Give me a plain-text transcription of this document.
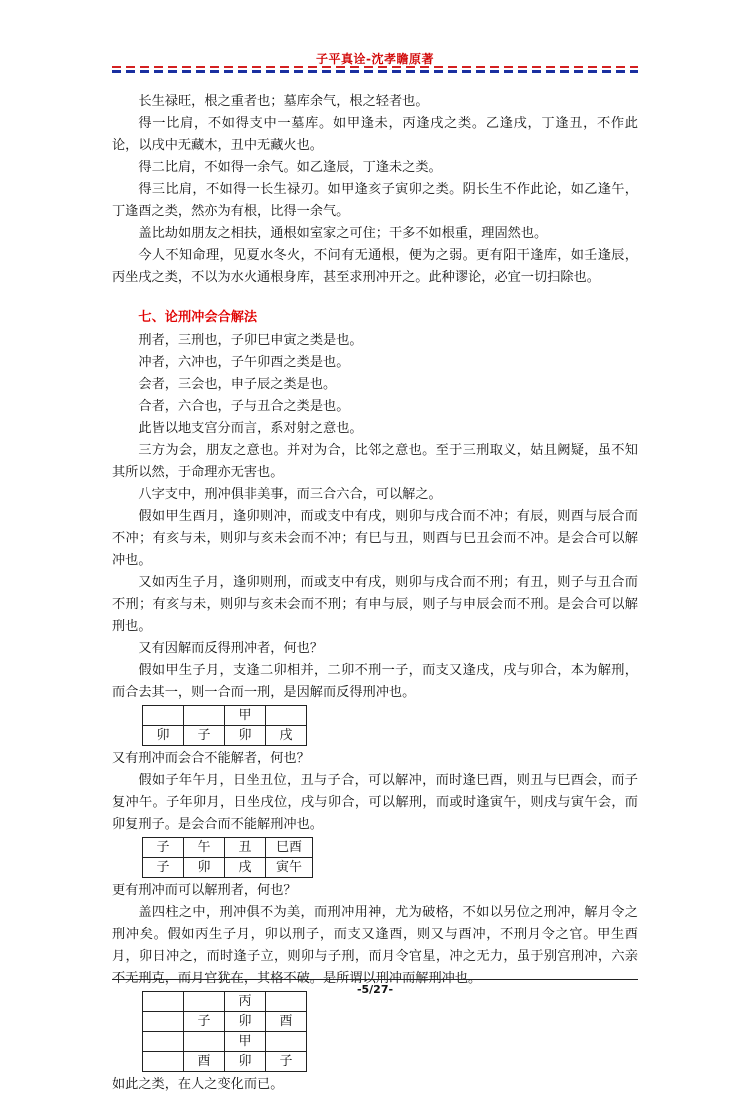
子平真诠-沈孝瞻原著

长生禄旺，根之重者也；墓库余气，根之轻者也。

得一比肩，不如得支中一墓库。如甲逢未，丙逢戌之类。乙逢戌，丁逢丑，不作此论，以戌中无藏木，丑中无藏火也。

得二比肩，不如得一余气。如乙逢辰，丁逢未之类。

得三比肩，不如得一长生禄刃。如甲逢亥子寅卯之类。阴长生不作此论，如乙逢午，丁逢酉之类，然亦为有根，比得一余气。

盖比劫如朋友之相扶，通根如室家之可住；干多不如根重，理固然也。

今人不知命理，见夏水冬火，不问有无通根，便为之弱。更有阳干逢库，如壬逢辰，丙坐戌之类，不以为水火通根身库，甚至求刑冲开之。此种谬论，必宜一切扫除也。

七、论刑冲会合解法

刑者，三刑也，子卯巳申寅之类是也。

冲者，六冲也，子午卯酉之类是也。

会者，三会也，申子辰之类是也。

合者，六合也，子与丑合之类是也。

此皆以地支宫分而言，系对射之意也。

三方为会，朋友之意也。并对为合，比邻之意也。至于三刑取义，姑且阙疑，虽不知其所以然，于命理亦无害也。

八字支中，刑冲俱非美事，而三合六合，可以解之。

假如甲生酉月，逢卯则冲，而或支中有戌，则卯与戌合而不冲；有辰，则酉与辰合而不冲；有亥与未，则卯与亥未会而不冲；有巳与丑，则酉与巳丑会而不冲。是会合可以解冲也。

又如丙生子月，逢卯则刑，而或支中有戌，则卯与戌合而不刑；有丑，则子与丑合而不刑；有亥与未，则卯与亥未会而不刑；有申与辰，则子与申辰会而不刑。是会合可以解刑也。

又有因解而反得刑冲者，何也？

假如甲生子月，支逢二卯相并，二卯不刑一子，而支又逢戌，戌与卯合，本为解刑，而合去其一，则一合而一刑，是因解而反得刑冲也。

		甲	
卯	子	卯	戌

又有刑冲而会合不能解者，何也？

假如子年午月，日坐丑位，丑与子合，可以解冲，而时逢巳酉，则丑与巳酉会，而子复冲午。子年卯月，日坐戌位，戌与卯合，可以解刑，而或时逢寅午，则戌与寅午会，而卯复刑子。是会合而不能解刑冲也。

子	午	丑	巳酉
子	卯	戌	寅午

更有刑冲而可以解刑者，何也？

盖四柱之中，刑冲俱不为美，而刑冲用神，尤为破格，不如以另位之刑冲，解月令之刑冲矣。假如丙生子月，卯以刑子，而支又逢酉，则又与酉冲，不刑月令之官。甲生酉月，卯日冲之，而时逢子立，则卯与子刑，而月令官星，冲之无力，虽于别宫刑冲，六亲不无刑克，而月官犹在，其格不破。是所谓以刑冲而解刑冲也。

		丙	
	子	卯	酉
		甲	
	酉	卯	子

如此之类，在人之变化而已。

-5/27-
